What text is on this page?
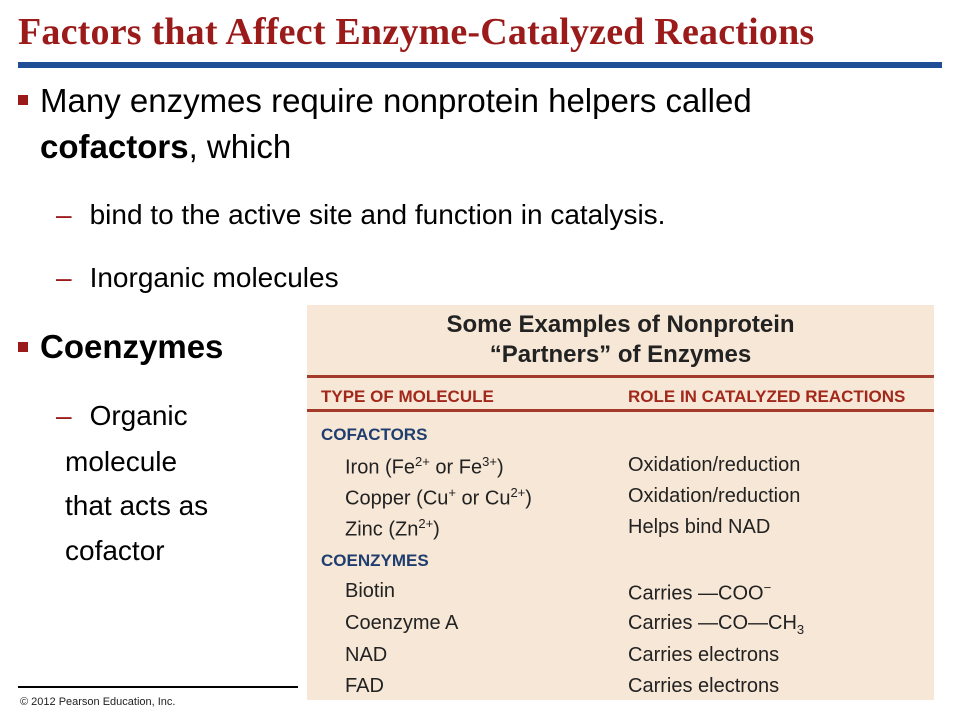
Factors that Affect Enzyme-Catalyzed Reactions
Many enzymes require nonprotein helpers called
cofactors, which
– bind to the active site and function in catalysis.
– Inorganic molecules
Coenzymes
– Organic
molecule
that acts as
cofactor
Some Examples of Nonprotein
“Partners” of Enzymes
TYPE OF MOLECULE	ROLE IN CATALYZED REACTIONS
COFACTORS
Iron ($Fe^{2+}$ or $Fe^{3+}$)	Oxidation/reduction
Copper (Cu+ or $Cu^{2+}$)	Oxidation/reduction
Zinc $(Zn^{2+})$	Helps bind NAD
COENZYMES
Biotin	Carries —COO−
Coenzyme A	Carries $—CO—CH_3$
NAD	Carries electrons
FAD	Carries electrons
© 2012 Pearson Education, Inc.
